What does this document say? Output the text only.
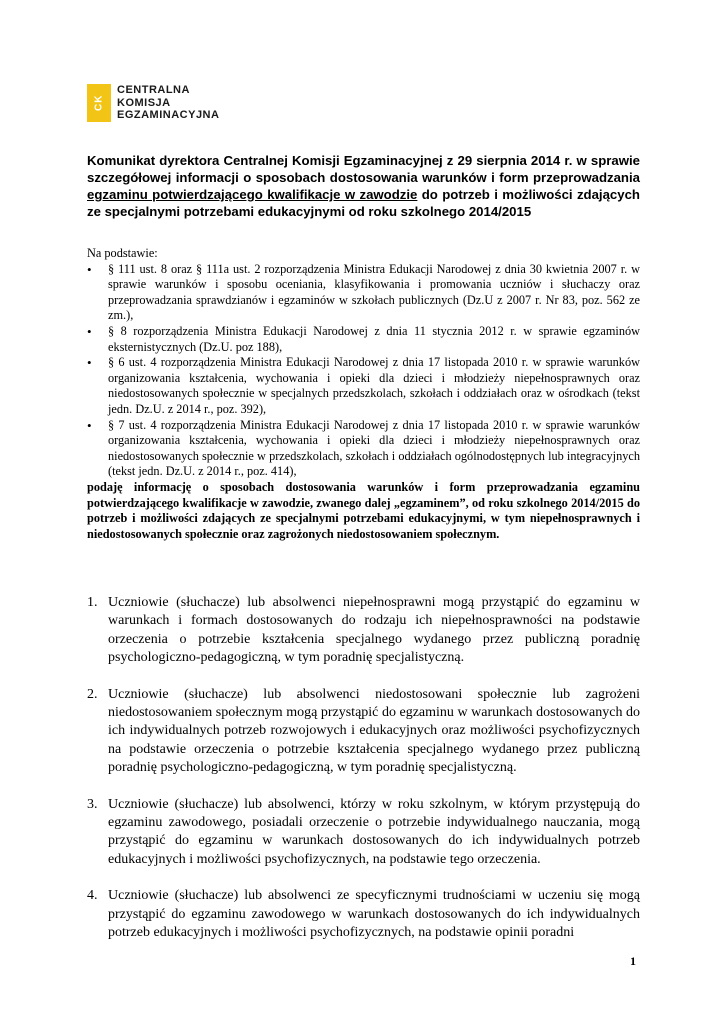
CK
CENTRALNA
KOMISJA
EGZAMINACYJNA
Komunikat dyrektora Centralnej Komisji Egzaminacyjnej z 29 sierpnia 2014 r. w sprawie szczegółowej informacji o sposobach dostosowania warunków i form przeprowadzania egzaminu potwierdzającego kwalifikacje w zawodzie do potrzeb i możliwości zdających ze specjalnymi potrzebami edukacyjnymi od roku szkolnego 2014/2015
Na podstawie:
• § 111 ust. 8 oraz § 111a ust. 2 rozporządzenia Ministra Edukacji Narodowej z dnia 30 kwietnia 2007 r. w sprawie warunków i sposobu oceniania, klasyfikowania i promowania uczniów i słuchaczy oraz przeprowadzania sprawdzianów i egzaminów w szkołach publicznych (Dz.U z 2007 r. Nr 83, poz. 562 ze zm.),
• § 8 rozporządzenia Ministra Edukacji Narodowej z dnia 11 stycznia 2012 r. w sprawie egzaminów eksternistycznych (Dz.U. poz 188),
• § 6 ust. 4 rozporządzenia Ministra Edukacji Narodowej z dnia 17 listopada 2010 r. w sprawie warunków organizowania kształcenia, wychowania i opieki dla dzieci i młodzieży niepełnosprawnych oraz niedostosowanych społecznie w specjalnych przedszkolach, szkołach i oddziałach oraz w ośrodkach (tekst jedn. Dz.U. z 2014 r., poz. 392),
• § 7 ust. 4 rozporządzenia Ministra Edukacji Narodowej z dnia 17 listopada 2010 r. w sprawie warunków organizowania kształcenia, wychowania i opieki dla dzieci i młodzieży niepełnosprawnych oraz niedostosowanych społecznie w przedszkolach, szkołach i oddziałach ogólnodostępnych lub integracyjnych (tekst jedn. Dz.U. z 2014 r., poz. 414),
podaję informację o sposobach dostosowania warunków i form przeprowadzania egzaminu potwierdzającego kwalifikacje w zawodzie, zwanego dalej „egzaminem”, od roku szkolnego 2014/2015 do potrzeb i możliwości zdających ze specjalnymi potrzebami edukacyjnymi, w tym niepełnosprawnych i niedostosowanych społecznie oraz zagrożonych niedostosowaniem społecznym.
1. Uczniowie (słuchacze) lub absolwenci niepełnosprawni mogą przystąpić do egzaminu w warunkach i formach dostosowanych do rodzaju ich niepełnosprawności na podstawie orzeczenia o potrzebie kształcenia specjalnego wydanego przez publiczną poradnię psychologiczno-pedagogiczną, w tym poradnię specjalistyczną.
2. Uczniowie (słuchacze) lub absolwenci niedostosowani społecznie lub zagrożeni niedostosowaniem społecznym mogą przystąpić do egzaminu w warunkach dostosowanych do ich indywidualnych potrzeb rozwojowych i edukacyjnych oraz możliwości psychofizycznych na podstawie orzeczenia o potrzebie kształcenia specjalnego wydanego przez publiczną poradnię psychologiczno-pedagogiczną, w tym poradnię specjalistyczną.
3. Uczniowie (słuchacze) lub absolwenci, którzy w roku szkolnym, w którym przystępują do egzaminu zawodowego, posiadali orzeczenie o potrzebie indywidualnego nauczania, mogą przystąpić do egzaminu w warunkach dostosowanych do ich indywidualnych potrzeb edukacyjnych i możliwości psychofizycznych, na podstawie tego orzeczenia.
4. Uczniowie (słuchacze) lub absolwenci ze specyficznymi trudnościami w uczeniu się mogą przystąpić do egzaminu zawodowego w warunkach dostosowanych do ich indywidualnych potrzeb edukacyjnych i możliwości psychofizycznych, na podstawie opinii poradni
1
